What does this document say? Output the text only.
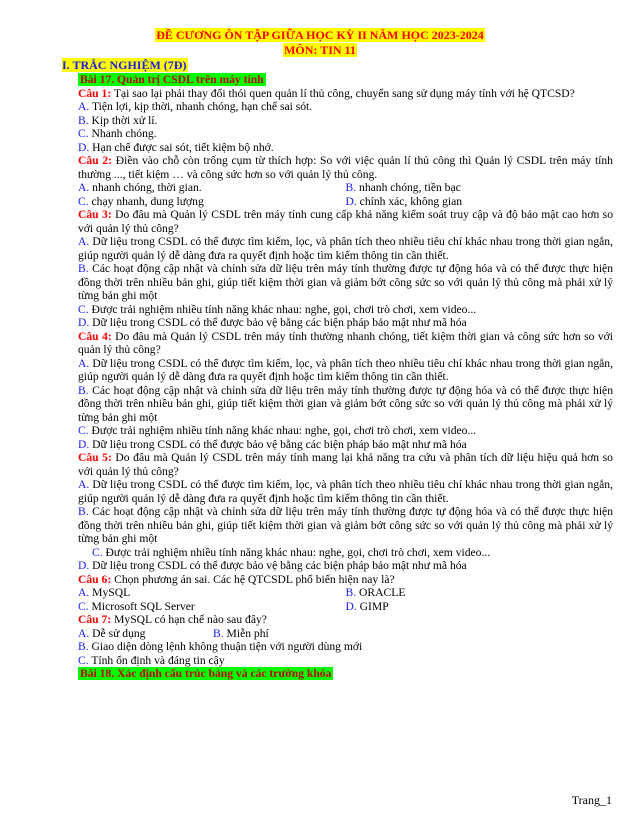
ĐỀ CƯƠNG ÔN TẬP GIỮA HỌC KỲ II NĂM HỌC 2023-2024
MÔN: TIN 11
I. TRẮC NGHIỆM (7Đ)

Bài 17. Quản trị CSDL trên máy tính

Câu 1: Tại sao lại phải thay đổi thói quen quản lí thủ công, chuyển sang sử dụng máy tính với hệ QTCSD?

A. Tiện lợi, kịp thời, nhanh chóng, hạn chế sai sót.

B. Kịp thời xử lí.

C. Nhanh chóng.

D. Hạn chế được sai sót, tiết kiệm bộ nhớ.

Câu 2: Điền vào chỗ còn trống cụm từ thích hợp: So với việc quản lí thủ công thì Quản lý CSDL trên máy tính thường ..., tiết kiệm … và công sức hơn so với quản lý thủ công.

A. nhanh chóng, thời gian.	B. nhanh chóng, tiền bạc
C. chạy nhanh, dung lượng	D. chính xác, không gian

Câu 3: Do đâu mà Quản lý CSDL trên máy tính cung cấp khả năng kiểm soát truy cập và độ bảo mật cao hơn so với quản lý thủ công?

A. Dữ liệu trong CSDL có thể được tìm kiếm, lọc, và phân tích theo nhiều tiêu chí khác nhau trong thời gian ngắn, giúp người quản lý dễ dàng đưa ra quyết định hoặc tìm kiếm thông tin cần thiết.

B. Các hoạt động cập nhật và chỉnh sửa dữ liệu trên máy tính thường được tự động hóa và có thể được thực hiện đồng thời trên nhiều bản ghi, giúp tiết kiệm thời gian và giảm bớt công sức so với quản lý thủ công mà phải xử lý từng bản ghi một

C. Được trải nghiệm nhiều tính năng khác nhau: nghe, gọi, chơi trò chơi, xem video...

D. Dữ liệu trong CSDL có thể được bảo vệ bằng các biện pháp bảo mật như mã hóa

Câu 4: Do đâu mà Quản lý CSDL trên máy tính thường nhanh chóng, tiết kiệm thời gian và công sức hơn so với quản lý thủ công?

A. Dữ liệu trong CSDL có thể được tìm kiếm, lọc, và phân tích theo nhiều tiêu chí khác nhau trong thời gian ngắn, giúp người quản lý dễ dàng đưa ra quyết định hoặc tìm kiếm thông tin cần thiết.

B. Các hoạt động cập nhật và chỉnh sửa dữ liệu trên máy tính thường được tự động hóa và có thể được thực hiện đồng thời trên nhiều bản ghi, giúp tiết kiệm thời gian và giảm bớt công sức so với quản lý thủ công mà phải xử lý từng bản ghi một

C. Được trải nghiệm nhiều tính năng khác nhau: nghe, gọi, chơi trò chơi, xem video...

D. Dữ liệu trong CSDL có thể được bảo vệ bằng các biện pháp bảo mật như mã hóa

Câu 5: Do đâu mà Quản lý CSDL trên máy tính mang lại khả năng tra cứu và phân tích dữ liệu hiệu quả hơn so với quản lý thủ công?

A. Dữ liệu trong CSDL có thể được tìm kiếm, lọc, và phân tích theo nhiều tiêu chí khác nhau trong thời gian ngắn, giúp người quản lý dễ dàng đưa ra quyết định hoặc tìm kiếm thông tin cần thiết.

B. Các hoạt động cập nhật và chỉnh sửa dữ liệu trên máy tính thường được tự động hóa và có thể được thực hiện đồng thời trên nhiều bản ghi, giúp tiết kiệm thời gian và giảm bớt công sức so với quản lý thủ công mà phải xử lý từng bản ghi một

C. Được trải nghiệm nhiều tính năng khác nhau: nghe, gọi, chơi trò chơi, xem video...

D. Dữ liệu trong CSDL có thể được bảo vệ bằng các biện pháp bảo mật như mã hóa

Câu 6: Chọn phương án sai. Các hệ QTCSDL phổ biến hiện nay là?

A. MySQL	B. ORACLE
C. Microsoft SQL Server	D. GIMP

Câu 7: MySQL có hạn chế nào sau đây?

A. Dễ sử dụng	B. Miễn phí

B. Giao diện dòng lệnh không thuận tiện với người dùng mới

C. Tính ổn định và đáng tin cậy

Bài 18. Xác định cấu trúc bảng và các trường khóa

Trang_1
